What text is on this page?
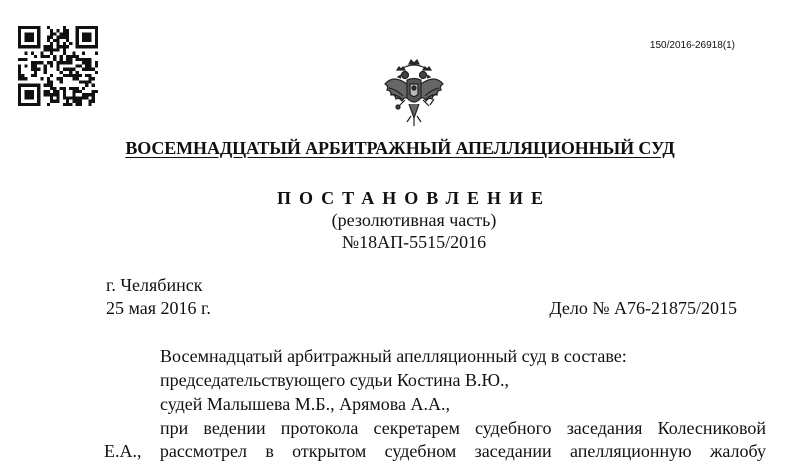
150/2016-26918(1)
ВОСЕМНАДЦАТЫЙ АРБИТРАЖНЫЙ АПЕЛЛЯЦИОННЫЙ СУД
ПОСТАНОВЛЕНИЕ
(резолютивная часть)
№18АП-5515/2016
г. Челябинск
25 мая 2016 г.	Дело № А76-21875/2015
Восемнадцатый арбитражный апелляционный суд в составе:
председательствующего судьи Костина В.Ю.,
судей Малышева М.Б., Арямова А.А.,
при ведении протокола секретарем судебного заседания Колесниковой
Е.А., рассмотрел в открытом судебном заседании апелляционную жалобу
